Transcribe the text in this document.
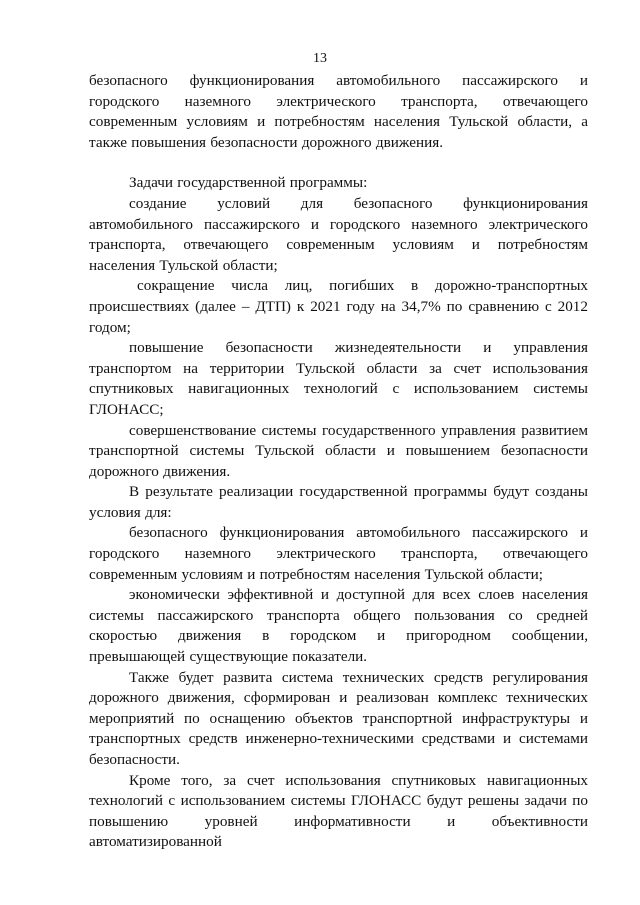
13

безопасного функционирования автомобильного пассажирского и городского наземного электрического транспорта, отвечающего современным условиям и потребностям населения Тульской области, а также повышения безопасности дорожного движения.

Задачи государственной программы:

создание условий для безопасного функционирования автомобильного пассажирского и городского наземного электрического транспорта, отвечающего современным условиям и потребностям населения Тульской области;

сокращение числа лиц, погибших в дорожно-транспортных происшествиях (далее – ДТП) к 2021 году на 34,7% по сравнению с 2012 годом;

повышение безопасности жизнедеятельности и управления транспортом на территории Тульской области за счет использования спутниковых навигационных технологий с использованием системы ГЛОНАСС;

совершенствование системы государственного управления развитием транспортной системы Тульской области и повышением безопасности дорожного движения.

В результате реализации государственной программы будут созданы условия для:

безопасного функционирования автомобильного пассажирского и городского наземного электрического транспорта, отвечающего современным условиям и потребностям населения Тульской области;

экономически эффективной и доступной для всех слоев населения системы пассажирского транспорта общего пользования со средней скоростью движения в городском и пригородном сообщении, превышающей существующие показатели.

Также будет развита система технических средств регулирования дорожного движения, сформирован и реализован комплекс технических мероприятий по оснащению объектов транспортной инфраструктуры и транспортных средств инженерно-техническими средствами и системами безопасности.

Кроме того, за счет использования спутниковых навигационных технологий с использованием системы ГЛОНАСС будут решены задачи по повышению уровней информативности и объективности автоматизированной
